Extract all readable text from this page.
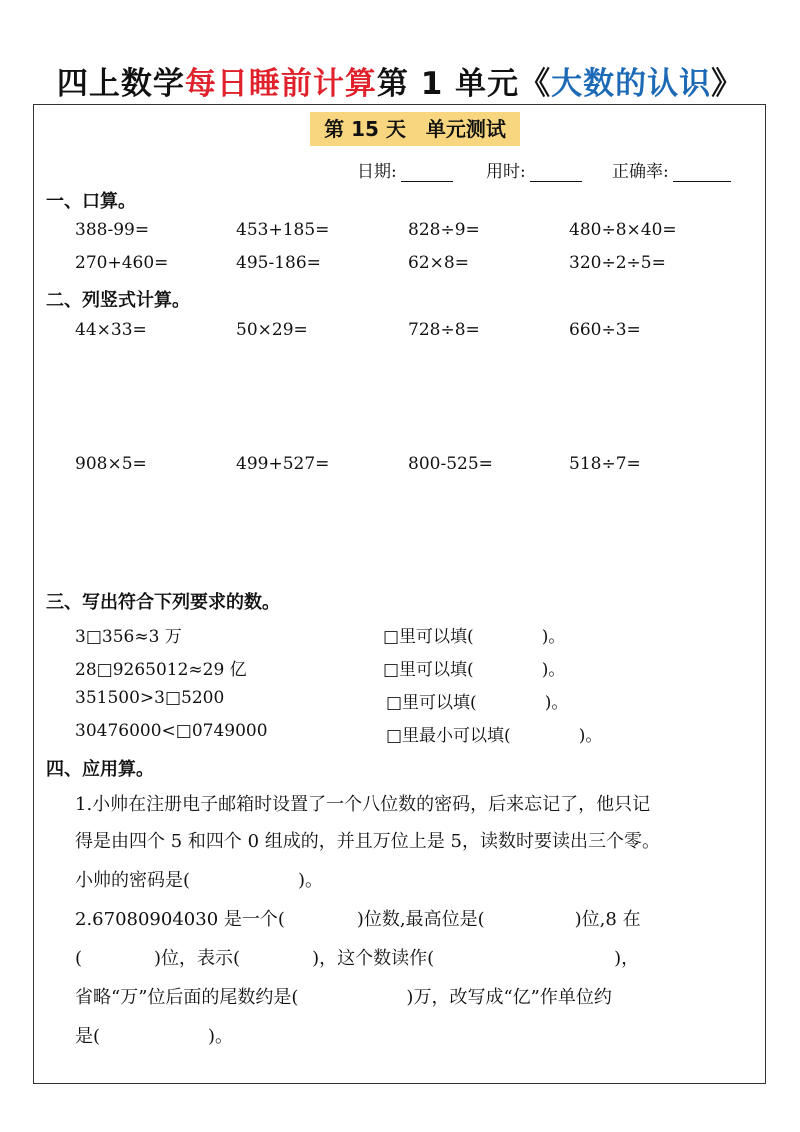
四上数学每日睡前计算第 1 单元《大数的认识》
第 15 天　单元测试
日期:	用时:	正确率:
一、口算。
388-99=	453+185=	828÷9=	480÷8×40=
270+460=	495-186=	62×8=	320÷2÷5=
二、列竖式计算。
44×33=	50×29=	728÷8=	660÷3=
908×5=	499+527=	800-525=	518÷7=
三、写出符合下列要求的数。
3□356≈3 万	□里可以填(　　　　)。
28□9265012≈29 亿	□里可以填(　　　　)。
351500>3□5200	□里可以填(　　　　)。
30476000<□0749000	□里最小可以填(　　　　)。
四、应用算。
1.小帅在注册电子邮箱时设置了一个八位数的密码，后来忘记了，他只记
得是由四个 5 和四个 0 组成的，并且万位上是 5，读数时要读出三个零。
小帅的密码是(　　　　　　)。
2.67080904030 是一个(　　　　)位数,最高位是(　　　　　)位,8 在
(　　　　)位，表示(　　　　)，这个数读作(　　　　　　　　　　)，
省略“万”位后面的尾数约是(　　　　　　)万，改写成“亿”作单位约
是(　　　　　　)。
